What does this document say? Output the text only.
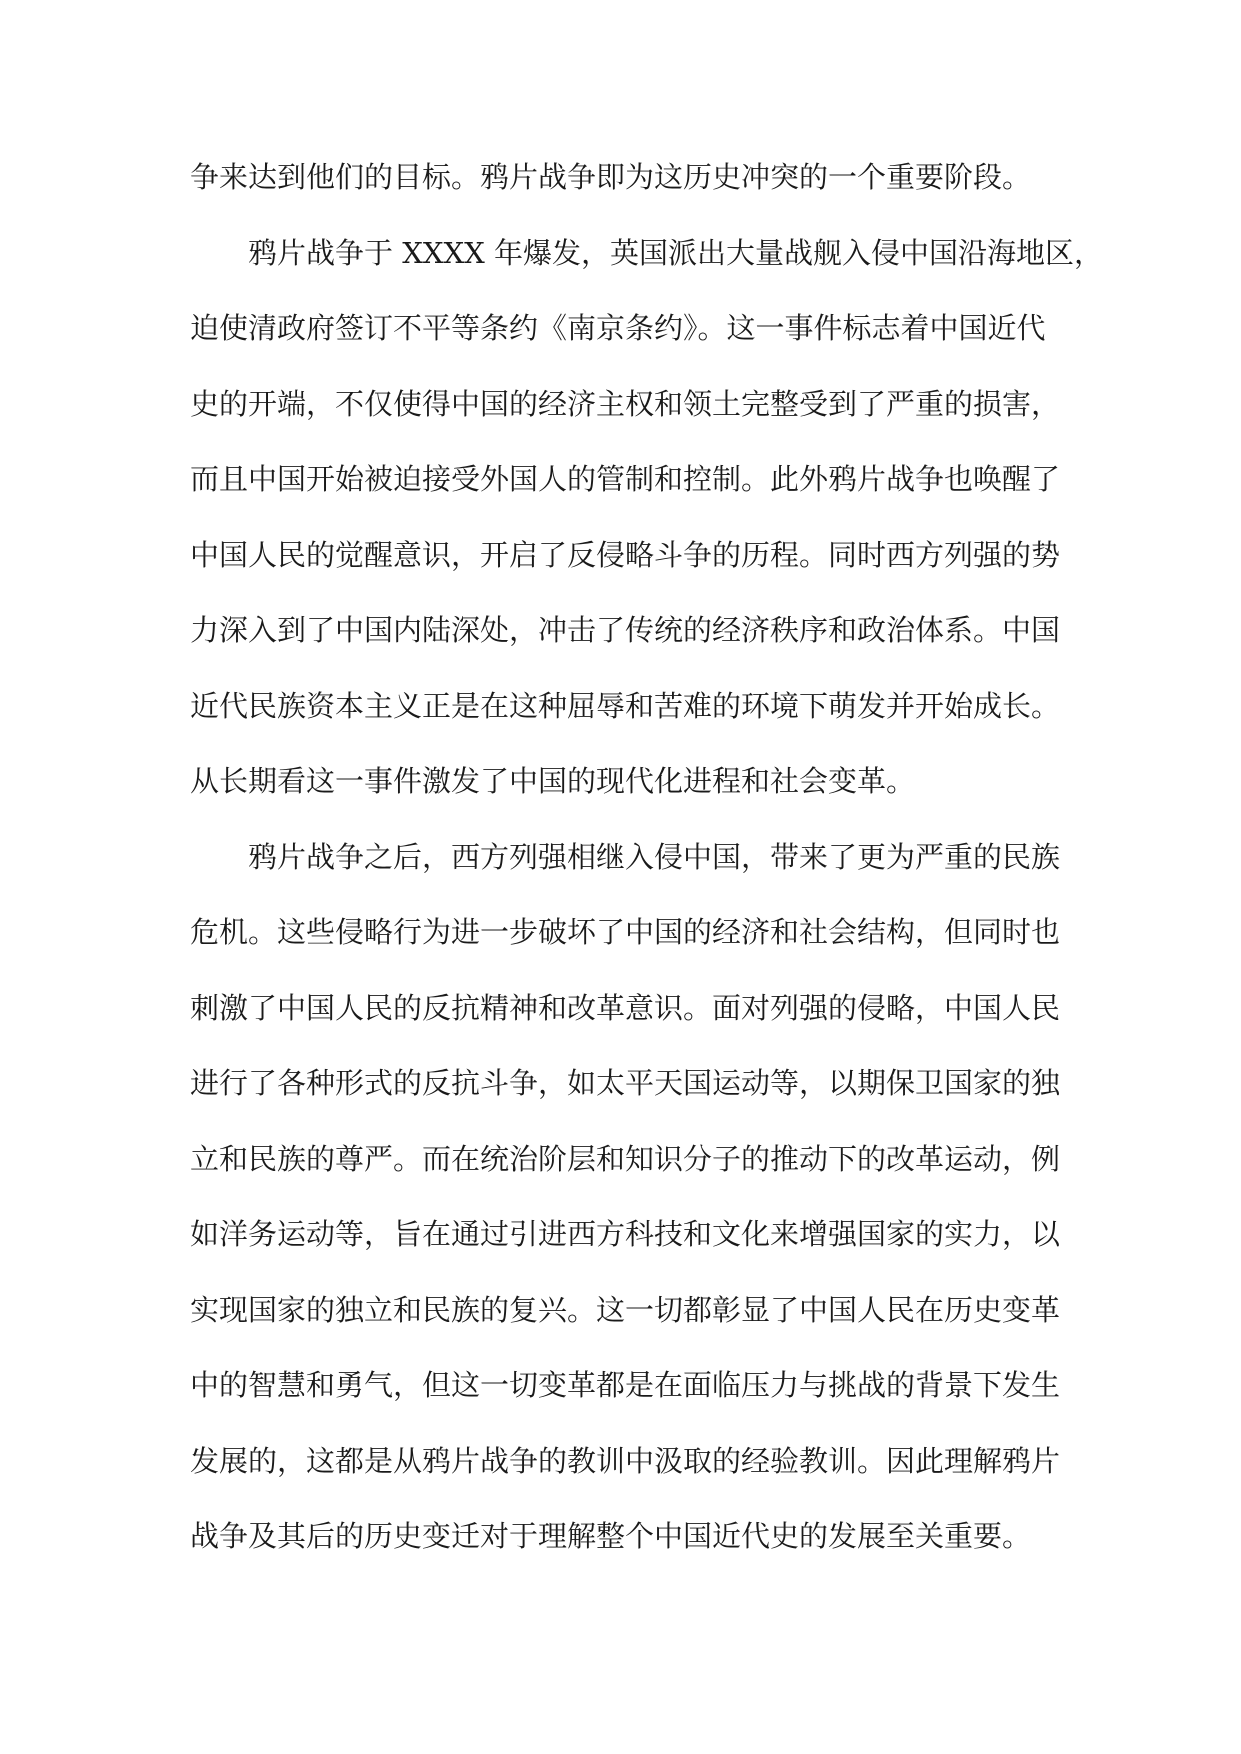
争来达到他们的目标。鸦片战争即为这历史冲突的一个重要阶段。
鸦片战争于 XXXX 年爆发，英国派出大量战舰入侵中国沿海地区，
迫使清政府签订不平等条约《南京条约》。这一事件标志着中国近代
史的开端，不仅使得中国的经济主权和领土完整受到了严重的损害，
而且中国开始被迫接受外国人的管制和控制。此外鸦片战争也唤醒了
中国人民的觉醒意识，开启了反侵略斗争的历程。同时西方列强的势
力深入到了中国内陆深处，冲击了传统的经济秩序和政治体系。中国
近代民族资本主义正是在这种屈辱和苦难的环境下萌发并开始成长。
从长期看这一事件激发了中国的现代化进程和社会变革。
鸦片战争之后，西方列强相继入侵中国，带来了更为严重的民族
危机。这些侵略行为进一步破坏了中国的经济和社会结构，但同时也
刺激了中国人民的反抗精神和改革意识。面对列强的侵略，中国人民
进行了各种形式的反抗斗争，如太平天国运动等，以期保卫国家的独
立和民族的尊严。而在统治阶层和知识分子的推动下的改革运动，例
如洋务运动等，旨在通过引进西方科技和文化来增强国家的实力，以
实现国家的独立和民族的复兴。这一切都彰显了中国人民在历史变革
中的智慧和勇气，但这一切变革都是在面临压力与挑战的背景下发生
发展的，这都是从鸦片战争的教训中汲取的经验教训。因此理解鸦片
战争及其后的历史变迁对于理解整个中国近代史的发展至关重要。
